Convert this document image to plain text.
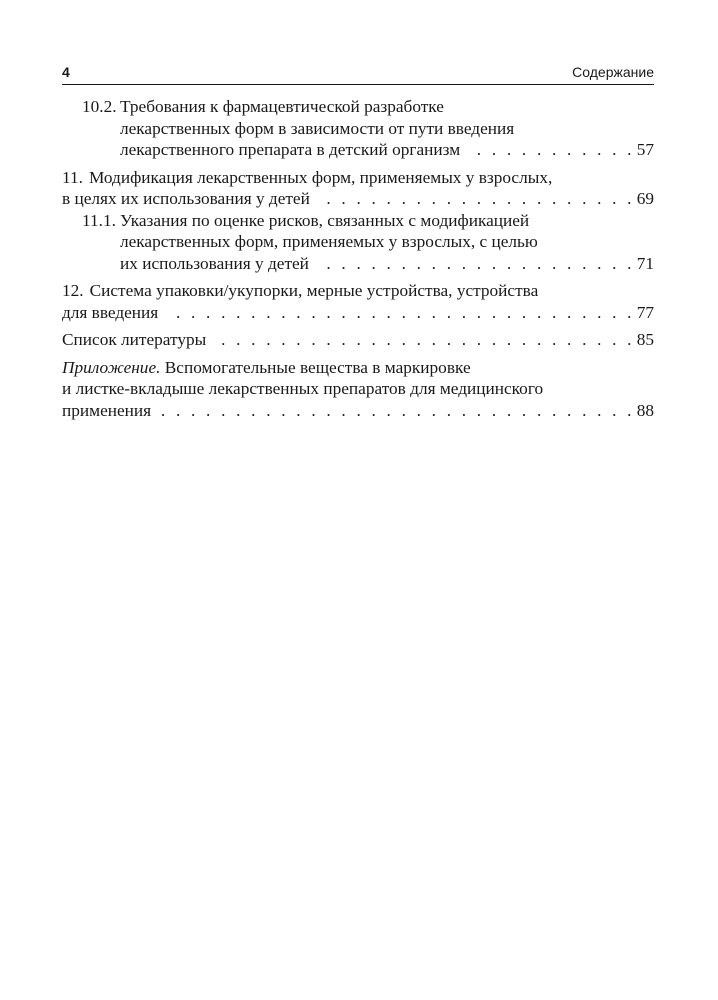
4	Содержание
10.2. Требования к фармацевтической разработке
лекарственных форм в зависимости от пути введения
лекарственного препарата в детский организм . . .	57
11. Модификация лекарственных форм, применяемых у взрослых,
в целях их использования у детей . . .	69
11.1. Указания по оценке рисков, связанных с модификацией
лекарственных форм, применяемых у взрослых, с целью
их использования у детей . . .	71
12. Система упаковки/укупорки, мерные устройства, устройства
для введения . . .	77
Список литературы . . .	85
Приложение. Вспомогательные вещества в маркировке
и листке-вкладыше лекарственных препаратов для медицинского
применения . . .	88
